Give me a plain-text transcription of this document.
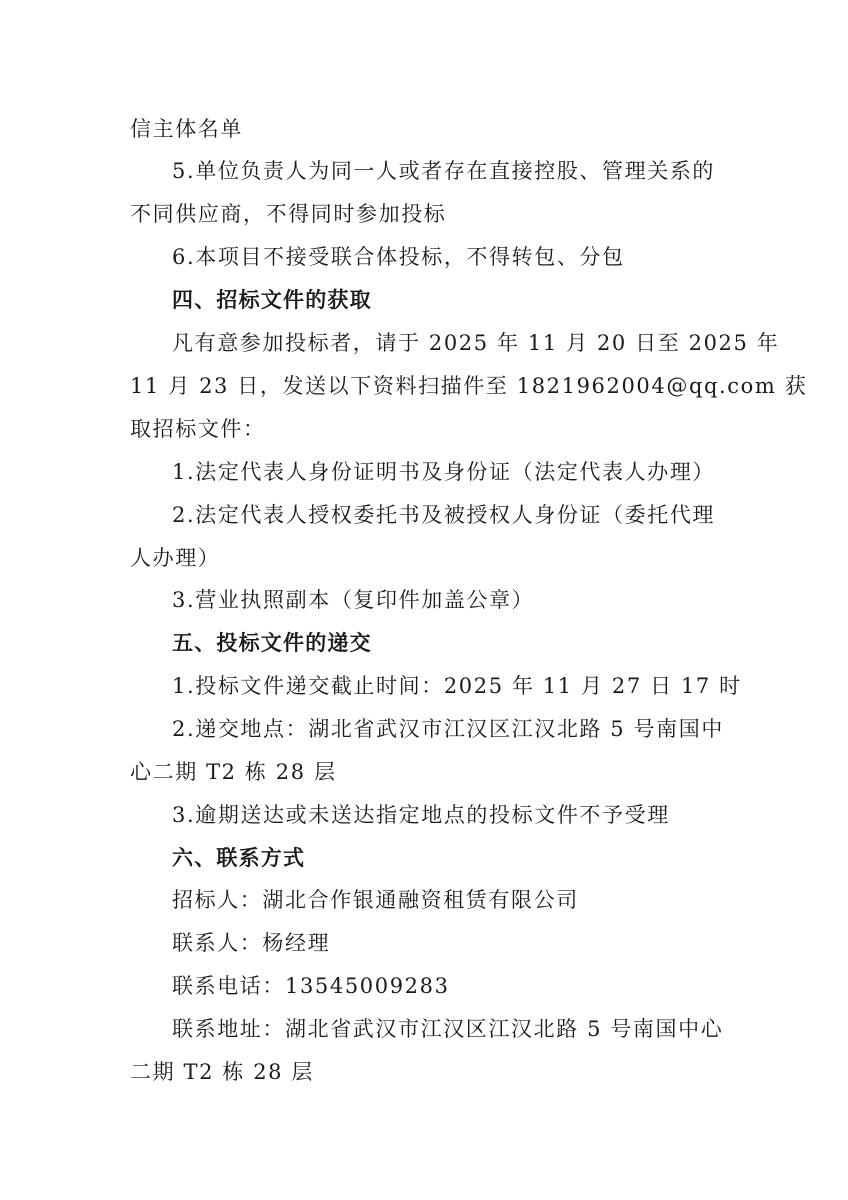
信主体名单
5.单位负责人为同一人或者存在直接控股、管理关系的
不同供应商，不得同时参加投标
6.本项目不接受联合体投标，不得转包、分包
四、招标文件的获取
凡有意参加投标者，请于 2025 年 11 月 20 日至 2025 年
11 月 23 日，发送以下资料扫描件至 1821962004@qq.com 获
取招标文件：
1.法定代表人身份证明书及身份证（法定代表人办理）
2.法定代表人授权委托书及被授权人身份证（委托代理
人办理）
3.营业执照副本（复印件加盖公章）
五、投标文件的递交
1.投标文件递交截止时间：2025 年 11 月 27 日 17 时
2.递交地点：湖北省武汉市江汉区江汉北路 5 号南国中
心二期 T2 栋 28 层
3.逾期送达或未送达指定地点的投标文件不予受理
六、联系方式
招标人：湖北合作银通融资租赁有限公司
联系人：杨经理
联系电话：13545009283
联系地址：湖北省武汉市江汉区江汉北路 5 号南国中心
二期 T2 栋 28 层
